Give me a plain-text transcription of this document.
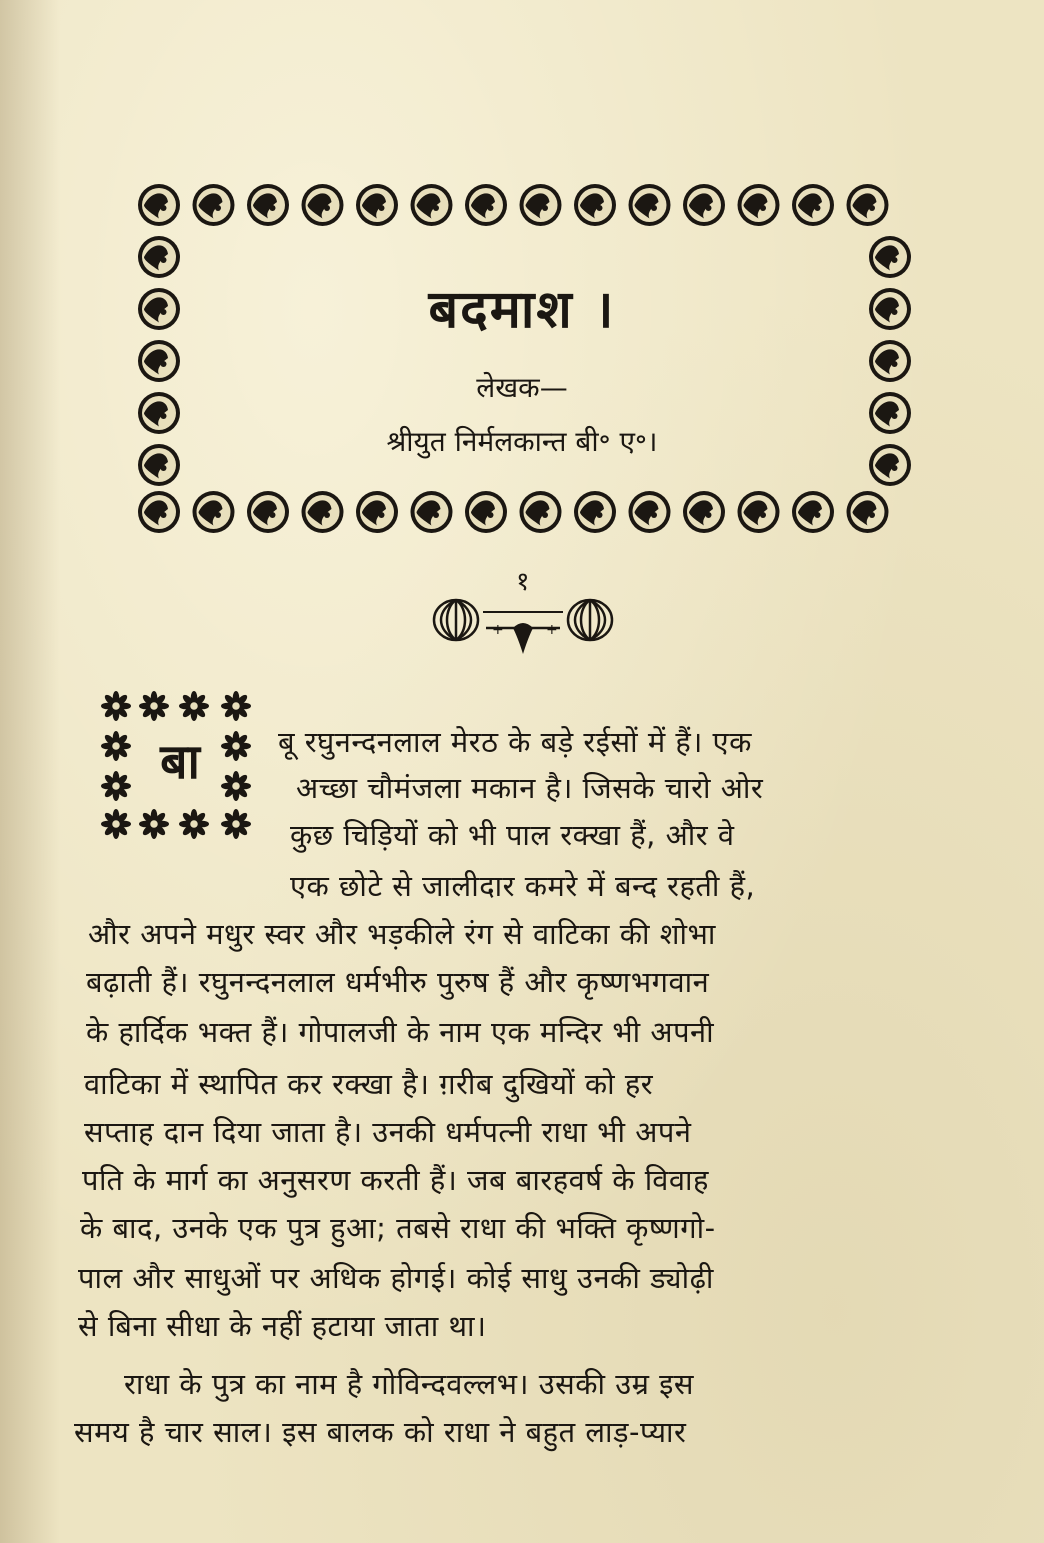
बदमाश ।
लेखक—
श्रीयुत निर्मलकान्त बी॰ ए॰।
१
+	+
बा	बू रघुनन्दनलाल मेरठ के बड़े रईसों में हैं। एक
अच्छा चौमंजला मकान है। जिसके चारो ओर
कुछ चिड़ियों को भी पाल रक्खा हैं, और वे
एक छोटे से जालीदार कमरे में बन्द रहती हैं,
और अपने मधुर स्वर और भड़कीले रंग से वाटिका की शोभा
बढ़ाती हैं। रघुनन्दनलाल धर्मभीरु पुरुष हैं और कृष्णभगवान
के हार्दिक भक्त हैं। गोपालजी के नाम एक मन्दिर भी अपनी
वाटिका में स्थापित कर रक्खा है। ग़रीब दुखियों को हर
सप्ताह दान दिया जाता है। उनकी धर्मपत्नी राधा भी अपने
पति के मार्ग का अनुसरण करती हैं। जब बारहवर्ष के विवाह
के बाद, उनके एक पुत्र हुआ; तबसे राधा की भक्ति कृष्णगो-
पाल और साधुओं पर अधिक होगई। कोई साधु उनकी ड्योढ़ी
से बिना सीधा के नहीं हटाया जाता था।
राधा के पुत्र का नाम है गोविन्दवल्लभ। उसकी उम्र इस
समय है चार साल। इस बालक को राधा ने बहुत लाड़-प्यार
